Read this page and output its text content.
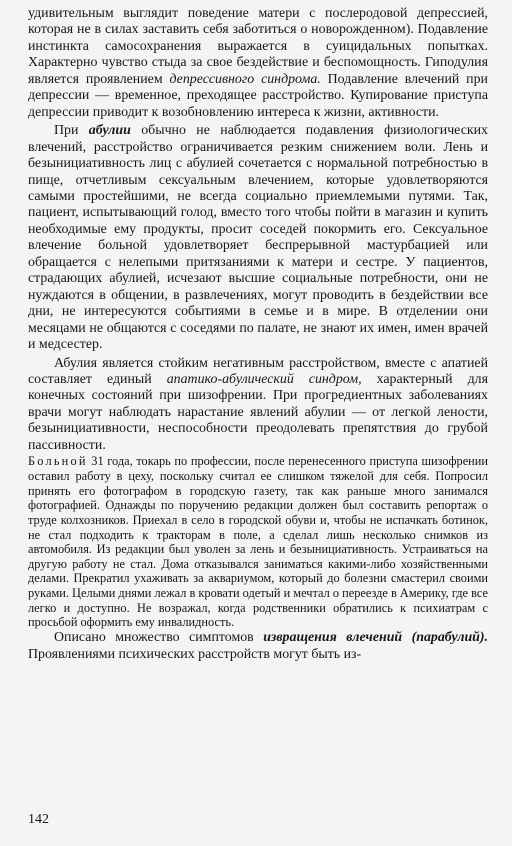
удивительным выглядит поведение матери с послеродовой депрессией, которая не в силах заставить себя заботиться о новорожденном). Подавление инстинкта самосохранения выражается в суицидальных попытках. Характерно чувство стыда за свое бездействие и беспомощность. Гиподулия является проявлением депрессивного синдрома. Подавление влечений при депрессии — временное, преходящее расстройство. Купирование приступа депрессии приводит к возобновлению интереса к жизни, активности.

При абулии обычно не наблюдается подавления физиологических влечений, расстройство ограничивается резким снижением воли. Лень и безынициативность лиц с абулией сочетается с нормальной потребностью в пище, отчетливым сексуальным влечением, которые удовлетворяются самыми простейшими, не всегда социально приемлемыми путями. Так, пациент, испытывающий голод, вместо того чтобы пойти в магазин и купить необходимые ему продукты, просит соседей покормить его. Сексуальное влечение больной удовлетворяет беспрерывной мастурбацией или обращается с нелепыми притязаниями к матери и сестре. У пациентов, страдающих абулией, исчезают высшие социальные потребности, они не нуждаются в общении, в развлечениях, могут проводить в бездействии все дни, не интересуются событиями в семье и в мире. В отделении они месяцами не общаются с соседями по палате, не знают их имен, имен врачей и медсестер.

Абулия является стойким негативным расстройством, вместе с апатией составляет единый апатико-абулический синдром, характерный для конечных состояний при шизофрении. При прогредиентных заболеваниях врачи могут наблюдать нарастание явлений абулии — от легкой лености, безынициативности, неспособности преодолевать препятствия до грубой пассивности.

Больной 31 года, токарь по профессии, после перенесенного приступа шизофрении оставил работу в цеху, поскольку считал ее слишком тяжелой для себя. Попросил принять его фотографом в городскую газету, так как раньше много занимался фотографией. Однажды по поручению редакции должен был составить репортаж о труде колхозников. Приехал в село в городской обуви и, чтобы не испачкать ботинок, не стал подходить к тракторам в поле, а сделал лишь несколько снимков из автомобиля. Из редакции был уволен за лень и безынициативность. Устраиваться на другую работу не стал. Дома отказывался заниматься какими-либо хозяйственными делами. Прекратил ухаживать за аквариумом, который до болезни смастерил своими руками. Целыми днями лежал в кровати одетый и мечтал о переезде в Америку, где все легко и доступно. Не возражал, когда родственники обратились к психиатрам с просьбой оформить ему инвалидность.

Описано множество симптомов извращения влечений (парабулий). Проявлениями психических расстройств могут быть из-

142
